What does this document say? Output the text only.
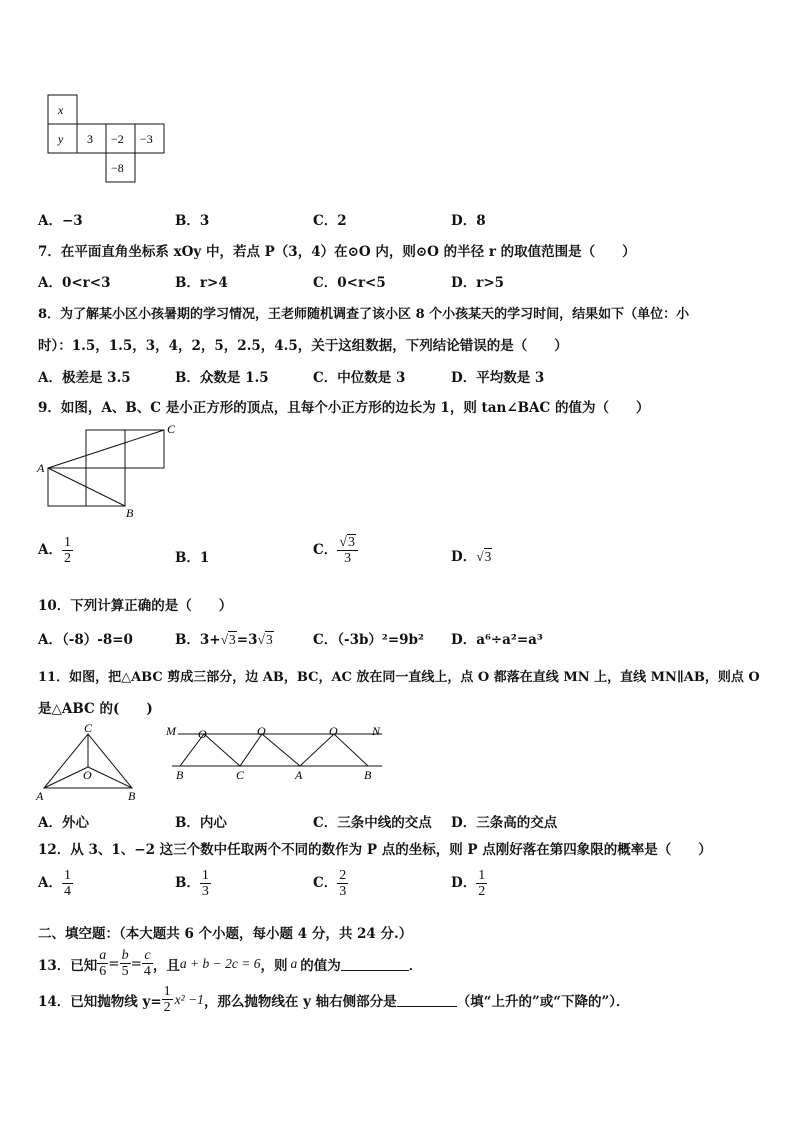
x
y 3 −2 −3
−8
A．−3	B．3	C．2	D．8
7．在平面直角坐标系 xOy 中，若点 P（3，4）在⊙O 内，则⊙O 的半径 r 的取值范围是（　　）
A．0<r<3	B．r>4	C．0<r<5	D．r>5
8．为了解某小区小孩暑期的学习情况，王老师随机调查了该小区 8 个小孩某天的学习时间，结果如下（单位：小
时）：1.5，1.5，3，4，2，5，2.5，4.5，关于这组数据，下列结论错误的是（　　）
A．极差是 3.5	B．众数是 1.5	C．中位数是 3	D．平均数是 3
9．如图，A、B、C 是小正方形的顶点，且每个小正方形的边长为 1，则 tan∠BAC 的值为（　　）
A
B
C
A． $\frac{1}{2}$	B．1	C． $\frac{√3}{3}$	D．√3
10．下列计算正确的是（　　）
A．（-8）-8=0	B．3+√3=3√3	C．（-3b）²=9b² D．a⁶÷a²=a³
11．如图，把△ABC 剪成三部分，边 AB，BC，AC 放在同一直线上，点 O 都落在直线 MN 上，直线 MN∥AB，则点 O
是△ABC 的(　　)
C
O
A	B
M O	O	O	N
B	C	A	B
A．外心	B．内心	C．三条中线的交点 D．三条高的交点
12．从 3、1、−2 这三个数中任取两个不同的数作为 P 点的坐标，则 P 点刚好落在第四象限的概率是（　　）
A． $\frac{1}{4}$	B． $\frac{1}{3}$	C． $\frac{2}{3}$	D． $\frac{1}{2}$
二、填空题：（本大题共 6 个小题，每小题 4 分，共 24 分.）
13．已知 $\frac{a}{6} = \frac{b}{5} = \frac{c}{4}$ ，且 a + b − 2c = 6 ，则 a 的值为	．
14．已知抛物线 $y= \frac{1}{2} x^2 -1$ ，那么抛物线在 y 轴右侧部分是	（填“上升的”或“下降的”）．
